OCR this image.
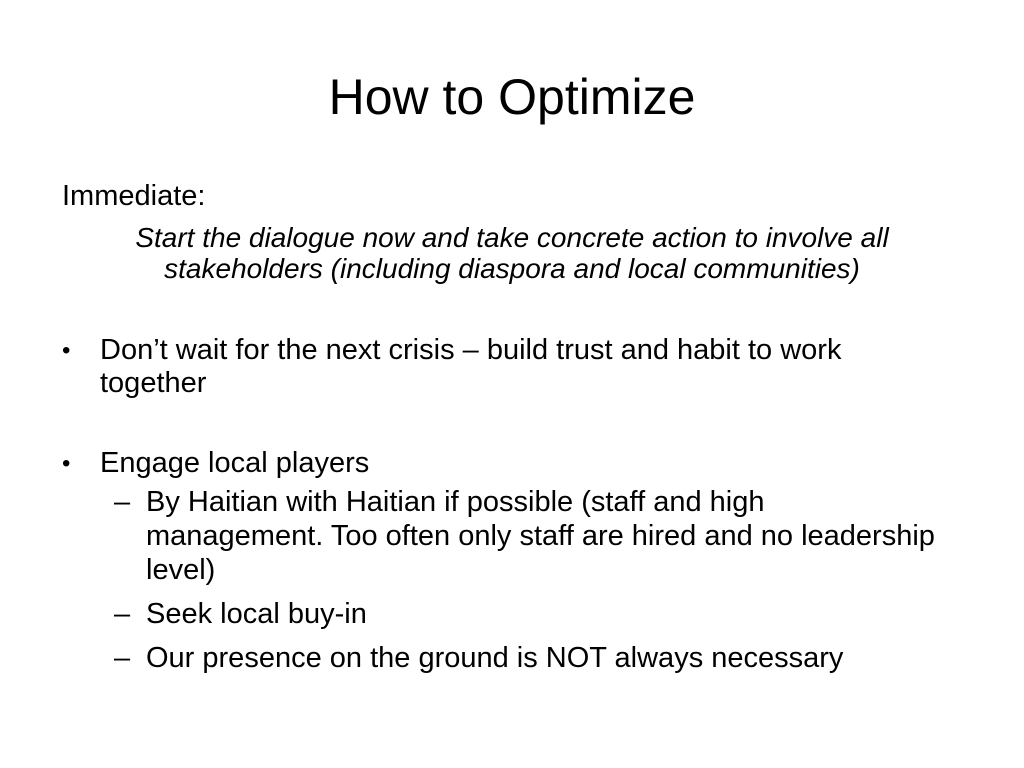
How to Optimize

Immediate:

Start the dialogue now and take concrete action to involve all stakeholders (including diaspora and local communities)

• Don’t wait for the next crisis – build trust and habit to work together
• Engage local players
– By Haitian with Haitian if possible (staff and high management. Too often only staff are hired and no leadership level)
– Seek local buy-in
– Our presence on the ground is NOT always necessary
